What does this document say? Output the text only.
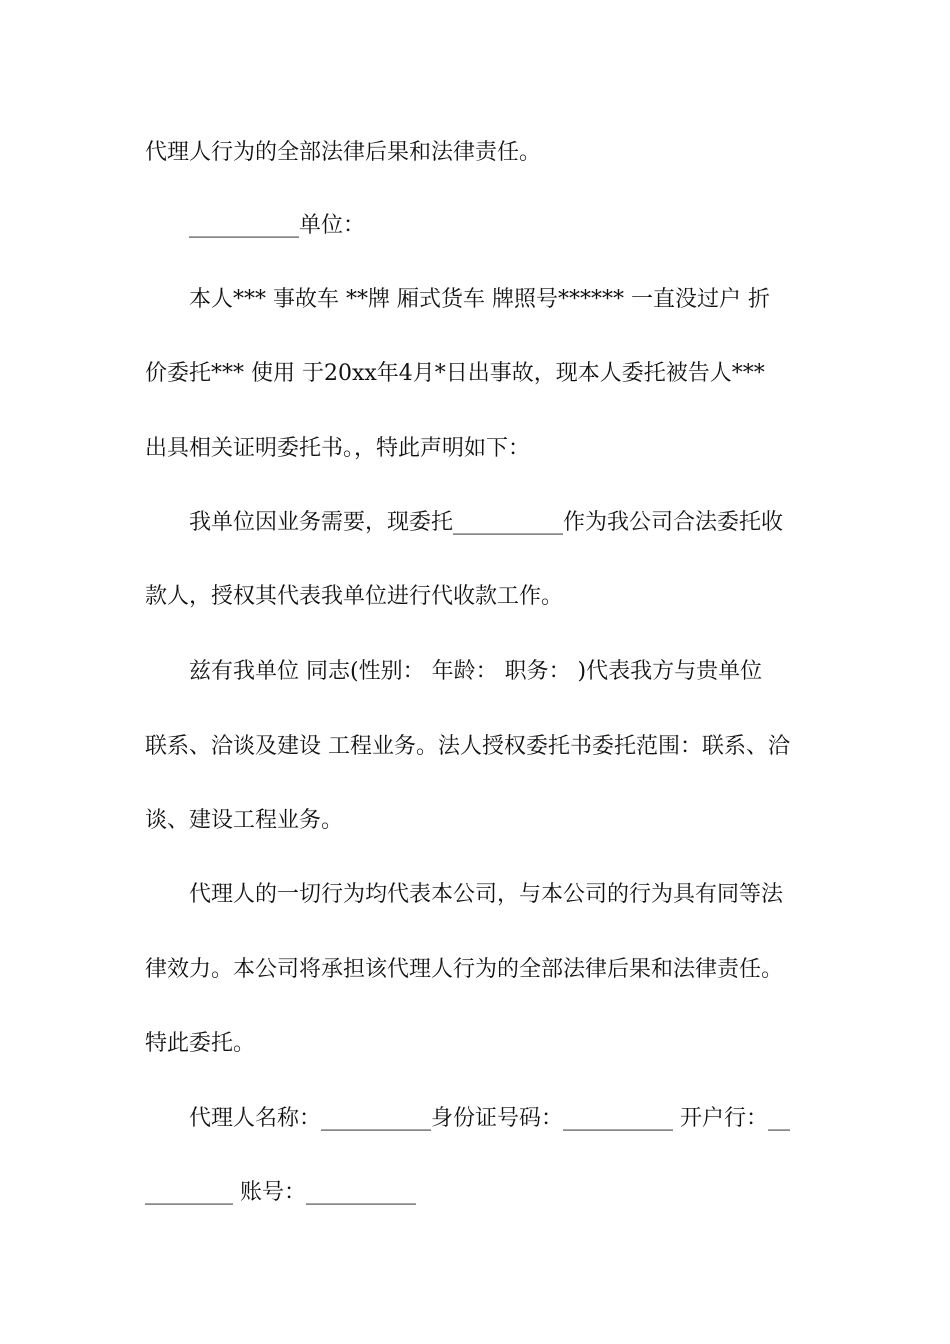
代理人行为的全部法律后果和法律责任。
__________单位：
本人*** 事故车 **牌 厢式货车 牌照号****** 一直没过户 折
价委托*** 使用 于20xx年4月*日出事故，现本人委托被告人***
出具相关证明委托书。，特此声明如下：
我单位因业务需要，现委托__________作为我公司合法委托收
款人，授权其代表我单位进行代收款工作。
兹有我单位 同志(性别： 年龄： 职务： )代表我方与贵单位
联系、洽谈及建设 工程业务。法人授权委托书委托范围：联系、洽
谈、建设工程业务。
代理人的一切行为均代表本公司，与本公司的行为具有同等法
律效力。本公司将承担该代理人行为的全部法律后果和法律责任。
特此委托。
代理人名称：__________身份证号码：__________ 开户行：__
________ 账号：__________
